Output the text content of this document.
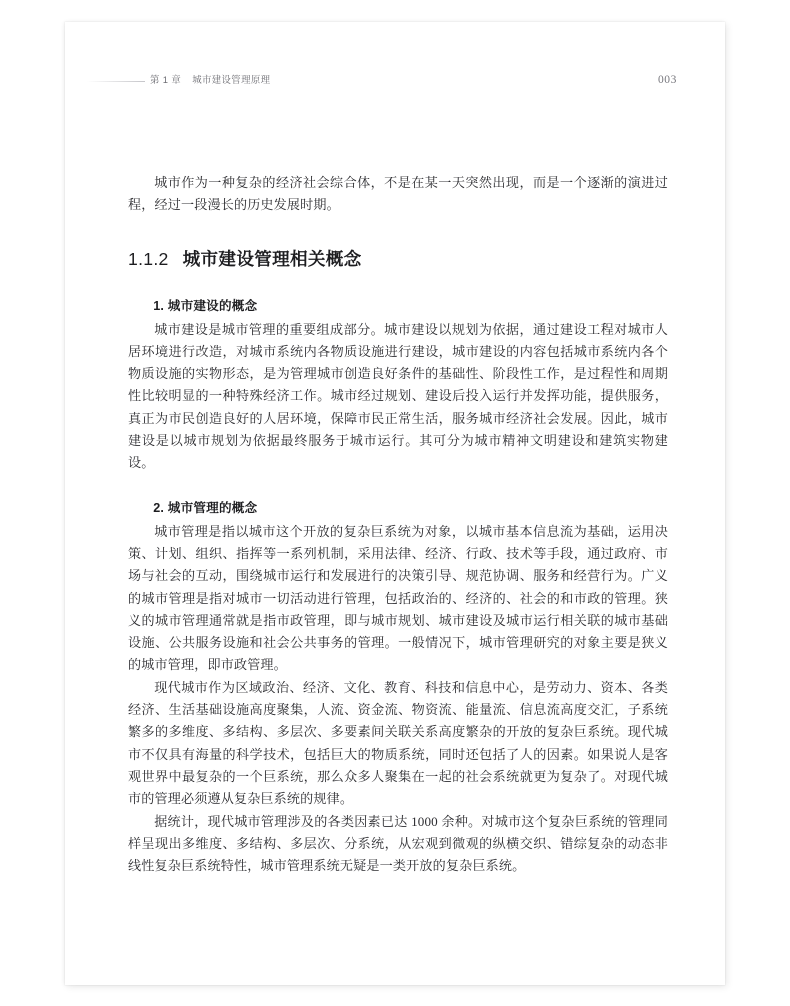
第 1 章 城市建设管理原理	003

城市作为一种复杂的经济社会综合体，不是在某一天突然出现，而是一个逐渐的演进过程，经过一段漫长的历史发展时期。

1.1.2 城市建设管理相关概念
1. 城市建设的概念

城市建设是城市管理的重要组成部分。城市建设以规划为依据，通过建设工程对城市人居环境进行改造，对城市系统内各物质设施进行建设，城市建设的内容包括城市系统内各个物质设施的实物形态，是为管理城市创造良好条件的基础性、阶段性工作，是过程性和周期性比较明显的一种特殊经济工作。城市经过规划、建设后投入运行并发挥功能，提供服务，真正为市民创造良好的人居环境，保障市民正常生活，服务城市经济社会发展。因此，城市建设是以城市规划为依据最终服务于城市运行。其可分为城市精神文明建设和建筑实物建设。

2. 城市管理的概念

城市管理是指以城市这个开放的复杂巨系统为对象，以城市基本信息流为基础，运用决策、计划、组织、指挥等一系列机制，采用法律、经济、行政、技术等手段，通过政府、市场与社会的互动，围绕城市运行和发展进行的决策引导、规范协调、服务和经营行为。广义的城市管理是指对城市一切活动进行管理，包括政治的、经济的、社会的和市政的管理。狭义的城市管理通常就是指市政管理，即与城市规划、城市建设及城市运行相关联的城市基础设施、公共服务设施和社会公共事务的管理。一般情况下，城市管理研究的对象主要是狭义的城市管理，即市政管理。

现代城市作为区域政治、经济、文化、教育、科技和信息中心，是劳动力、资本、各类经济、生活基础设施高度聚集，人流、资金流、物资流、能量流、信息流高度交汇，子系统繁多的多维度、多结构、多层次、多要素间关联关系高度繁杂的开放的复杂巨系统。现代城市不仅具有海量的科学技术，包括巨大的物质系统，同时还包括了人的因素。如果说人是客观世界中最复杂的一个巨系统，那么众多人聚集在一起的社会系统就更为复杂了。对现代城市的管理必须遵从复杂巨系统的规律。

据统计，现代城市管理涉及的各类因素已达 1000 余种。对城市这个复杂巨系统的管理同样呈现出多维度、多结构、多层次、分系统，从宏观到微观的纵横交织、错综复杂的动态非线性复杂巨系统特性，城市管理系统无疑是一类开放的复杂巨系统。
